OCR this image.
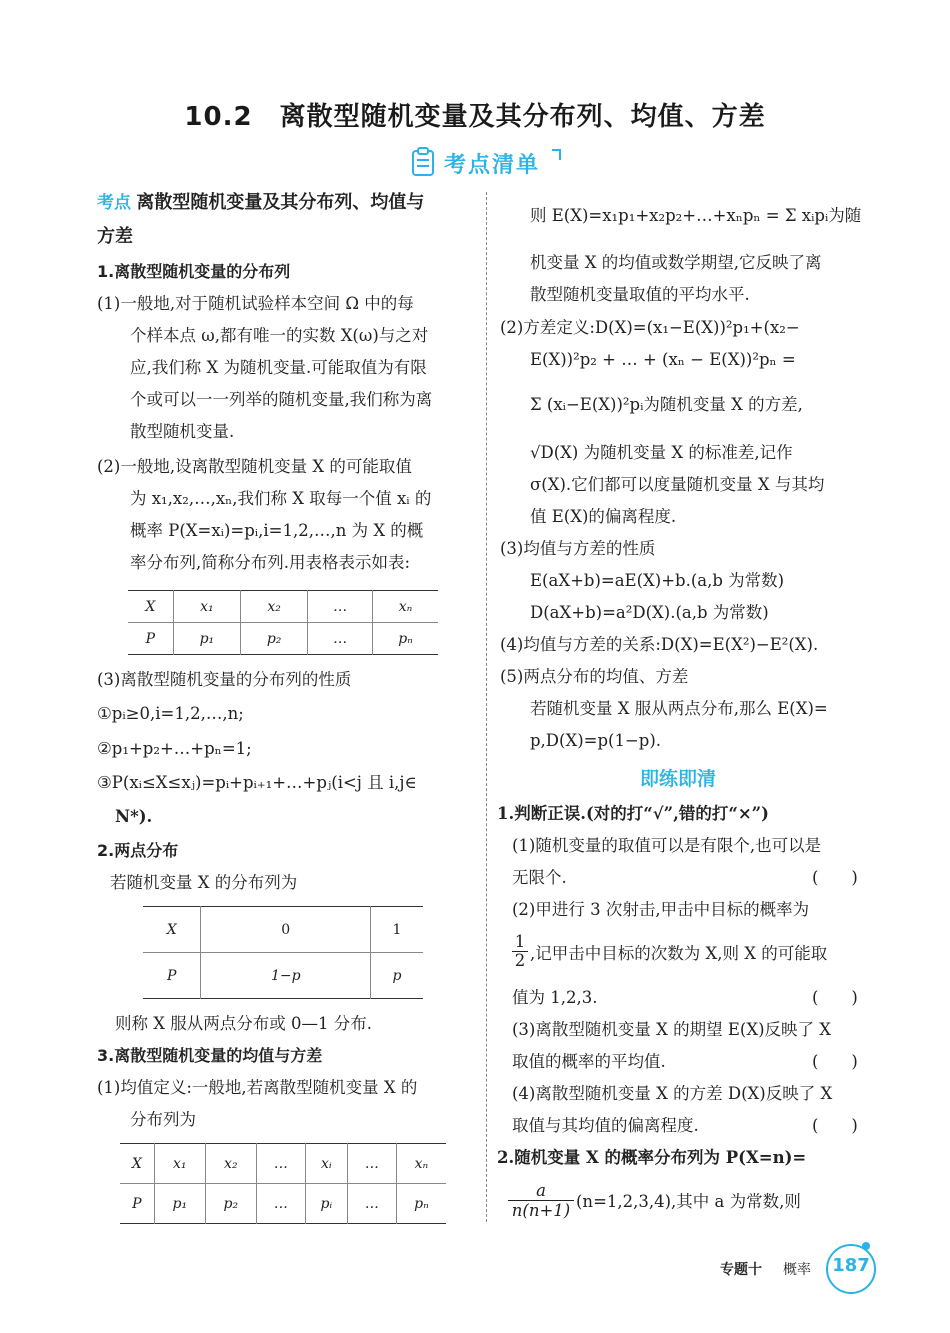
10.2　离散型随机变量及其分布列、均值、方差
考点清单
考点 离散型随机变量及其分布列、均值与
方差
1.离散型随机变量的分布列
(1)一般地,对于随机试验样本空间 Ω 中的每
个样本点 ω,都有唯一的实数 X(ω)与之对
应,我们称 X 为随机变量.可能取值为有限
个或可以一一列举的随机变量,我们称为离
散型随机变量.
(2)一般地,设离散型随机变量 X 的可能取值
为 x₁,x₂,…,xₙ,我们称 X 取每一个值 xᵢ 的
概率 P(X=xᵢ)=pᵢ,i=1,2,…,n 为 X 的概
率分布列,简称分布列.用表格表示如表:
X	x₁	x₂	…	xₙ
P	p₁	p₂	…	pₙ
(3)离散型随机变量的分布列的性质
①pᵢ≥0,i=1,2,…,n;
②p₁+p₂+…+pₙ=1;
③P(xᵢ≤X≤xⱼ)=pᵢ+pᵢ₊₁+…+pⱼ(i<j 且 i,j∈
N*).
2.两点分布
若随机变量 X 的分布列为
X	0	1
P	1−p	p
则称 X 服从两点分布或 0—1 分布.
3.离散型随机变量的均值与方差
(1)均值定义:一般地,若离散型随机变量 X 的
分布列为
X	x₁	x₂	…	xᵢ	…	xₙ
P	p₁	p₂	…	pᵢ	…	pₙ
则 E(X)=x₁p₁+x₂p₂+…+xₙpₙ = Σ xᵢpᵢ为随
机变量 X 的均值或数学期望,它反映了离
散型随机变量取值的平均水平.
(2)方差定义:D(X)=(x₁−E(X))²p₁+(x₂−
E(X))²p₂ + … + (xₙ − E(X))²pₙ =
Σ (xᵢ−E(X))²pᵢ为随机变量 X 的方差,
√D(X) 为随机变量 X 的标准差,记作
σ(X).它们都可以度量随机变量 X 与其均
值 E(X)的偏离程度.
(3)均值与方差的性质
E(aX+b)=aE(X)+b.(a,b 为常数)
D(aX+b)=a²D(X).(a,b 为常数)
(4)均值与方差的关系:D(X)=E(X²)−E²(X).
(5)两点分布的均值、方差
若随机变量 X 服从两点分布,那么 E(X)=
p,D(X)=p(1−p).
即练即清
1.判断正误.(对的打“√”,错的打“×”)
(1)随机变量的取值可以是有限个,也可以是
无限个.	(　　)
(2)甲进行 3 次射击,甲击中目标的概率为
$\frac{1}{2}$ ,记甲击中目标的次数为 X,则 X 的可能取
值为 1,2,3.	(　　)
(3)离散型随机变量 X 的期望 E(X)反映了 X
取值的概率的平均值.	(　　)
(4)离散型随机变量 X 的方差 D(X)反映了 X
取值与其均值的偏离程度.	(　　)
2.随机变量 X 的概率分布列为 P(X=n)=
$\frac{a}{n(n+1)} (n=1,2,3,4)$,其中 a 为常数,则
专题十 概率	187
